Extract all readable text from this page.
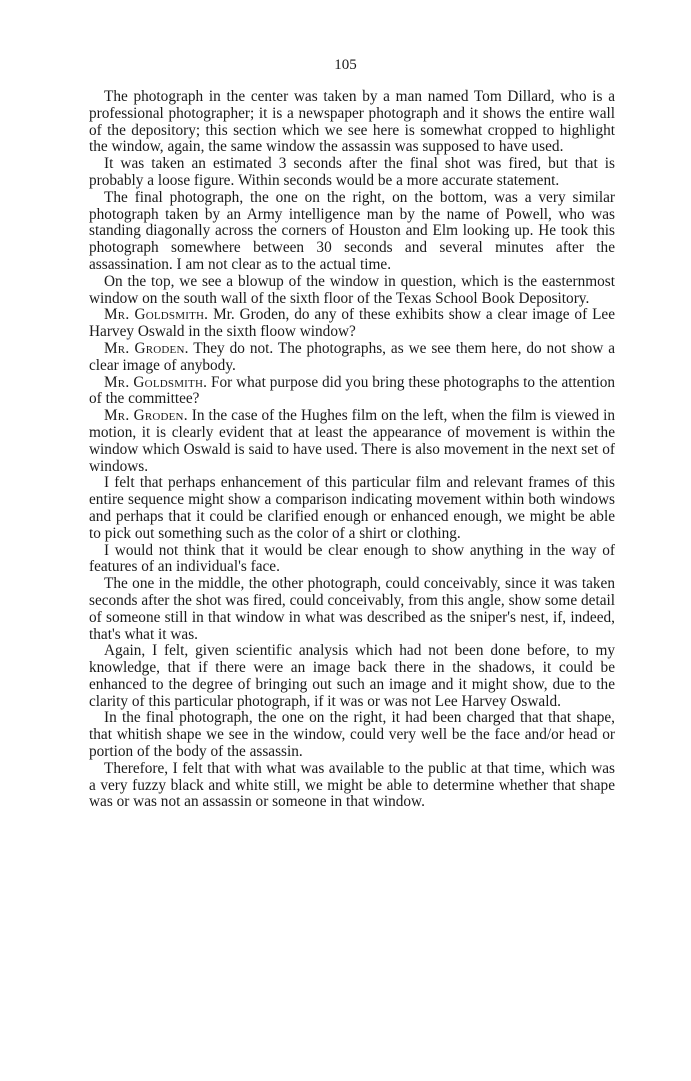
105

The photograph in the center was taken by a man named Tom Dillard, who is a professional photographer; it is a newspaper photograph and it shows the entire wall of the depository; this section which we see here is somewhat cropped to highlight the window, again, the same window the assassin was supposed to have used.

It was taken an estimated 3 seconds after the final shot was fired, but that is probably a loose figure. Within seconds would be a more accurate statement.

The final photograph, the one on the right, on the bottom, was a very similar photograph taken by an Army intelligence man by the name of Powell, who was standing diagonally across the corners of Houston and Elm looking up. He took this photograph somewhere between 30 seconds and several minutes after the assassination. I am not clear as to the actual time.

On the top, we see a blowup of the window in question, which is the easternmost window on the south wall of the sixth floor of the Texas School Book Depository.

Mr. Goldsmith. Mr. Groden, do any of these exhibits show a clear image of Lee Harvey Oswald in the sixth floow window?

Mr. Groden. They do not. The photographs, as we see them here, do not show a clear image of anybody.

Mr. Goldsmith. For what purpose did you bring these photographs to the attention of the committee?

Mr. Groden. In the case of the Hughes film on the left, when the film is viewed in motion, it is clearly evident that at least the appearance of movement is within the window which Oswald is said to have used. There is also movement in the next set of windows.

I felt that perhaps enhancement of this particular film and relevant frames of this entire sequence might show a comparison indicating movement within both windows and perhaps that it could be clarified enough or enhanced enough, we might be able to pick out something such as the color of a shirt or clothing.

I would not think that it would be clear enough to show anything in the way of features of an individual's face.

The one in the middle, the other photograph, could conceivably, since it was taken seconds after the shot was fired, could conceivably, from this angle, show some detail of someone still in that window in what was described as the sniper's nest, if, indeed, that's what it was.

Again, I felt, given scientific analysis which had not been done before, to my knowledge, that if there were an image back there in the shadows, it could be enhanced to the degree of bringing out such an image and it might show, due to the clarity of this particular photograph, if it was or was not Lee Harvey Oswald.

In the final photograph, the one on the right, it had been charged that that shape, that whitish shape we see in the window, could very well be the face and/or head or portion of the body of the assassin.

Therefore, I felt that with what was available to the public at that time, which was a very fuzzy black and white still, we might be able to determine whether that shape was or was not an assassin or someone in that window.
